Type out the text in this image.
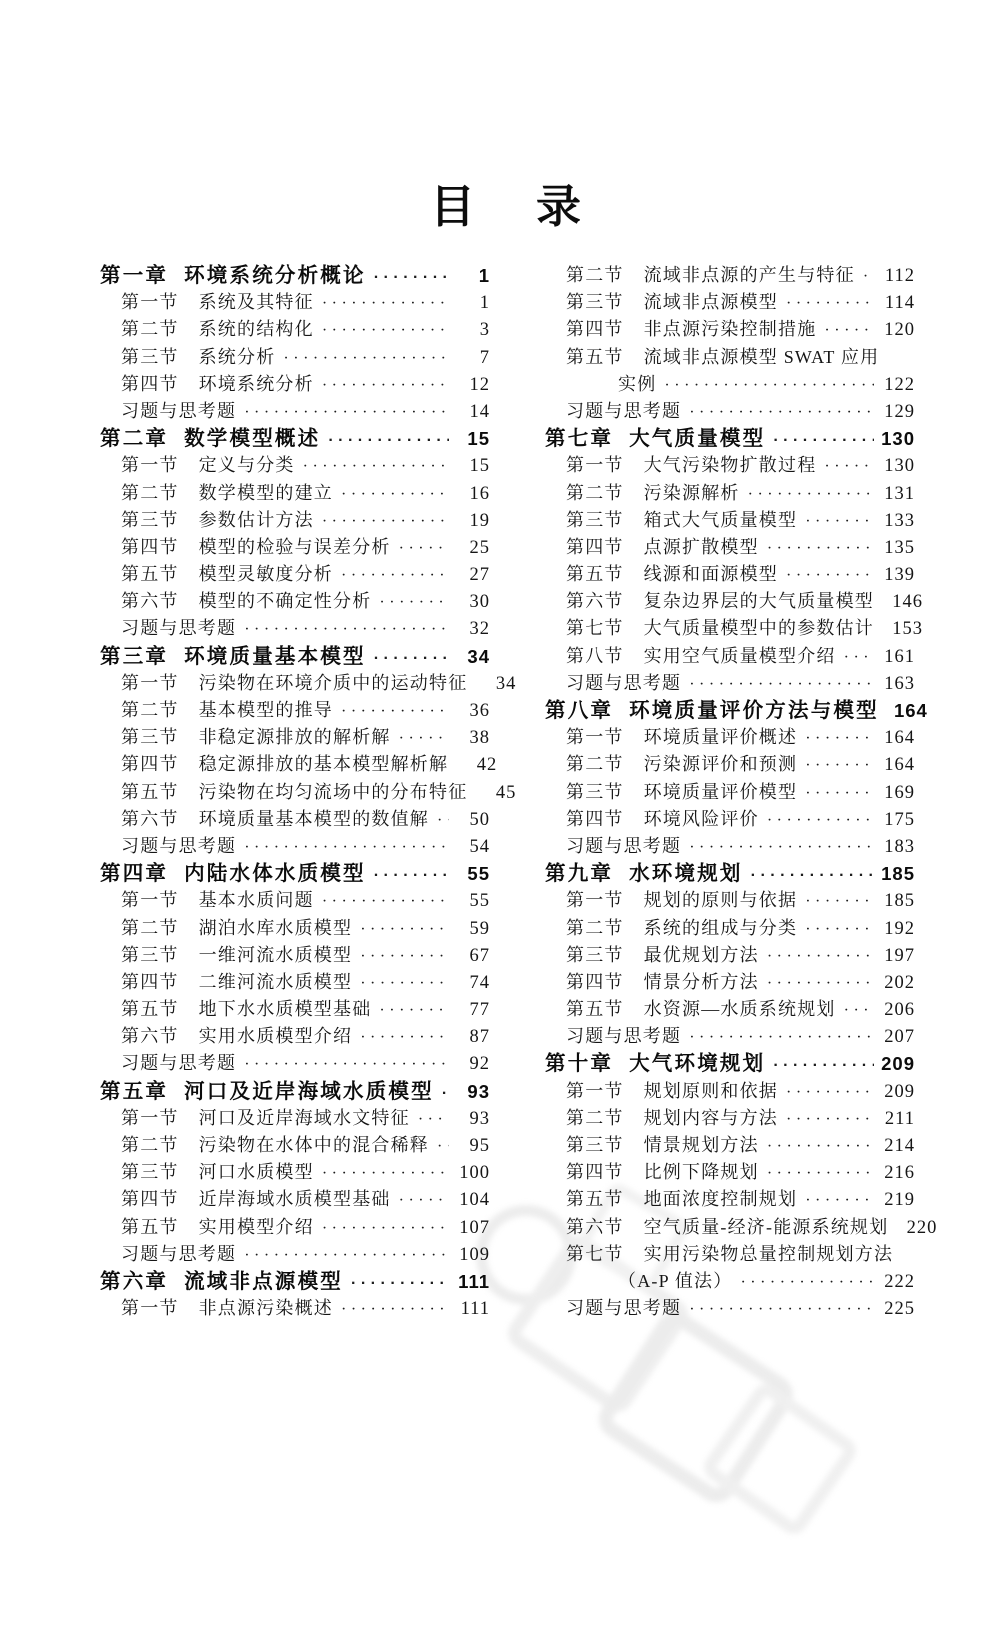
目　录
第一章 环境系统分析概论 ·····	1
第一节 系统及其特征 ·····	1
第二节 系统的结构化 ·····	3
第三节 系统分析 ·····	7
第四节 环境系统分析 ·····	12
习题与思考题 ·····	14
第二章 数学模型概述 ·····	15
第一节 定义与分类 ·····	15
第二节 数学模型的建立 ·····	16
第三节 参数估计方法 ·····	19
第四节 模型的检验与误差分析 ·····	25
第五节 模型灵敏度分析 ·····	27
第六节 模型的不确定性分析 ·····	30
习题与思考题 ·····	32
第三章 环境质量基本模型 ·····	34
第一节 污染物在环境介质中的运动特征	34
第二节 基本模型的推导 ·····	36
第三节 非稳定源排放的解析解 ·····	38
第四节 稳定源排放的基本模型解析解	42
第五节 污染物在均匀流场中的分布特征	45
第六节 环境质量基本模型的数值解 ·····	50
习题与思考题 ·····	54
第四章 内陆水体水质模型 ·····	55
第一节 基本水质问题 ·····	55
第二节 湖泊水库水质模型 ·····	59
第三节 一维河流水质模型 ·····	67
第四节 二维河流水质模型 ·····	74
第五节 地下水水质模型基础 ·····	77
第六节 实用水质模型介绍 ·····	87
习题与思考题 ·····	92
第五章 河口及近岸海域水质模型 ·····	93
第一节 河口及近岸海域水文特征 ·····	93
第二节 污染物在水体中的混合稀释 ·····	95
第三节 河口水质模型 ·····	100
第四节 近岸海域水质模型基础 ·····	104
第五节 实用模型介绍 ·····	107
习题与思考题 ·····	109
第六章 流域非点源模型 ·····	111
第一节 非点源污染概述 ·····	111
第二节 流域非点源的产生与特征 ·····	112
第三节 流域非点源模型 ·····	114
第四节 非点源污染控制措施 ·····	120
第五节 流域非点源模型 SWAT 应用
实例 ·····	122
习题与思考题 ·····	129
第七章 大气质量模型 ·····	130
第一节 大气污染物扩散过程 ·····	130
第二节 污染源解析 ·····	131
第三节 箱式大气质量模型 ·····	133
第四节 点源扩散模型 ·····	135
第五节 线源和面源模型 ·····	139
第六节 复杂边界层的大气质量模型 146
第七节 大气质量模型中的参数估计 153
第八节 实用空气质量模型介绍 ·····	161
习题与思考题 ·····	163
第八章 环境质量评价方法与模型 164
第一节 环境质量评价概述 ·····	164
第二节 污染源评价和预测 ·····	164
第三节 环境质量评价模型 ·····	169
第四节 环境风险评价 ·····	175
习题与思考题 ·····	183
第九章 水环境规划 ·····	185
第一节 规划的原则与依据 ·····	185
第二节 系统的组成与分类 ·····	192
第三节 最优规划方法 ·····	197
第四节 情景分析方法 ·····	202
第五节 水资源—水质系统规划 ·····	206
习题与思考题 ·····	207
第十章 大气环境规划 ·····	209
第一节 规划原则和依据 ·····	209
第二节 规划内容与方法 ·····	211
第三节 情景规划方法 ·····	214
第四节 比例下降规划 ·····	216
第五节 地面浓度控制规划 ·····	219
第六节 空气质量-经济-能源系统规划 220
第七节 实用污染物总量控制规划方法
（A-P 值法） ·····	222
习题与思考题 ·····	225
